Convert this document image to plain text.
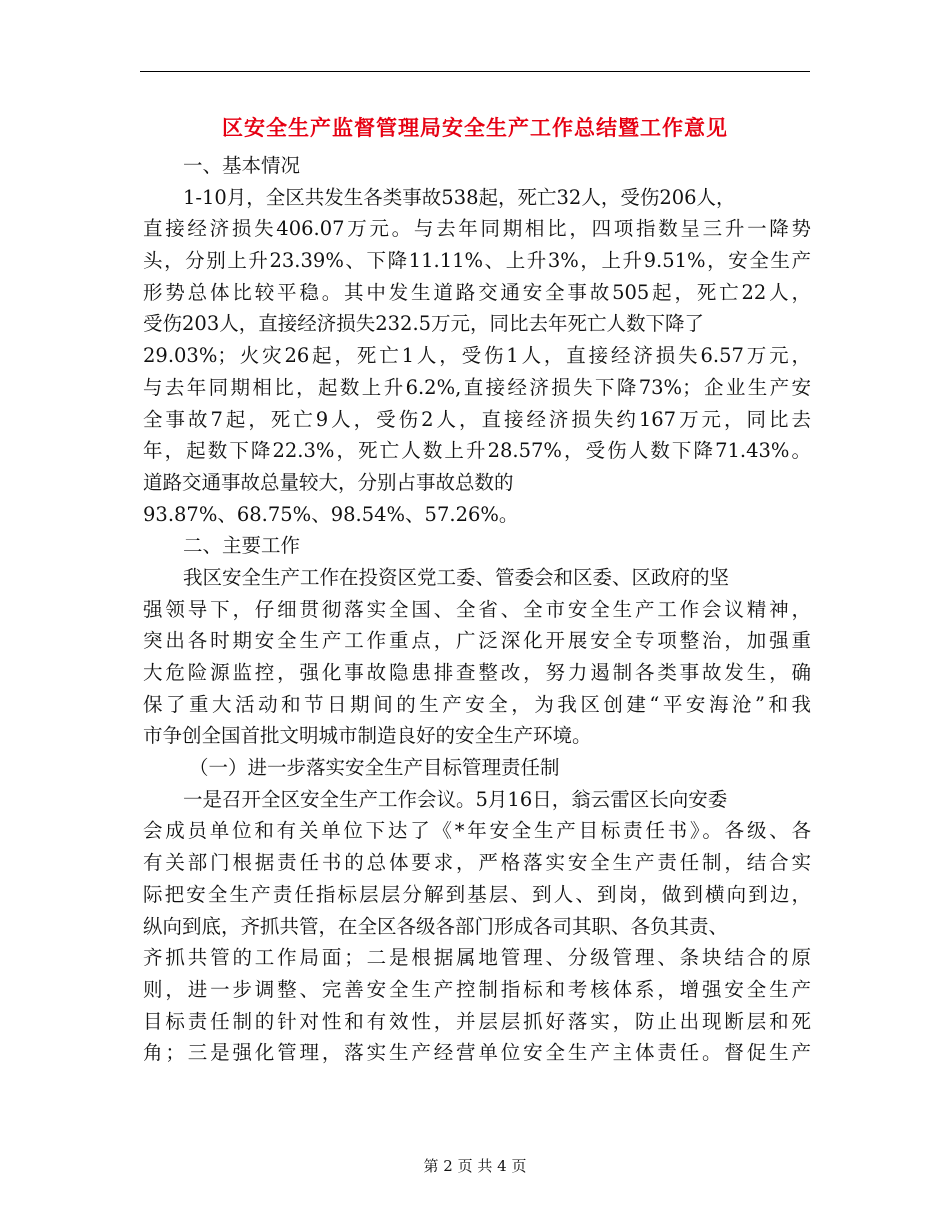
区安全生产监督管理局安全生产工作总结暨工作意见
一、基本情况
1-10月，全区共发生各类事故538起，死亡32人，受伤206人，
直接经济损失406.07万元。与去年同期相比，四项指数呈三升一降势
头，分别上升23.39%、下降11.11%、上升3%，上升9.51%，安全生产
形势总体比较平稳。其中发生道路交通安全事故505起，死亡22人，
受伤203人，直接经济损失232.5万元，同比去年死亡人数下降了
29.03%；火灾26起，死亡1人，受伤1人，直接经济损失6.57万元，
与去年同期相比，起数上升6.2%,直接经济损失下降73%；企业生产安
全事故7起，死亡9人，受伤2人，直接经济损失约167万元，同比去
年，起数下降22.3%，死亡人数上升28.57%，受伤人数下降71.43%。
道路交通事故总量较大，分别占事故总数的
93.87%、68.75%、98.54%、57.26%。
二、主要工作
我区安全生产工作在投资区党工委、管委会和区委、区政府的坚
强领导下，仔细贯彻落实全国、全省、全市安全生产工作会议精神，
突出各时期安全生产工作重点，广泛深化开展安全专项整治，加强重
大危险源监控，强化事故隐患排查整改，努力遏制各类事故发生，确
保了重大活动和节日期间的生产安全，为我区创建“平安海沧”和我
市争创全国首批文明城市制造良好的安全生产环境。
（一）进一步落实安全生产目标管理责任制
一是召开全区安全生产工作会议。5月16日，翁云雷区长向安委
会成员单位和有关单位下达了《*年安全生产目标责任书》。各级、各
有关部门根据责任书的总体要求，严格落实安全生产责任制，结合实
际把安全生产责任指标层层分解到基层、到人、到岗，做到横向到边，
纵向到底，齐抓共管，在全区各级各部门形成各司其职、各负其责、
齐抓共管的工作局面；二是根据属地管理、分级管理、条块结合的原
则，进一步调整、完善安全生产控制指标和考核体系，增强安全生产
目标责任制的针对性和有效性，并层层抓好落实，防止出现断层和死
角；三是强化管理，落实生产经营单位安全生产主体责任。督促生产
第 2 页 共 4 页
